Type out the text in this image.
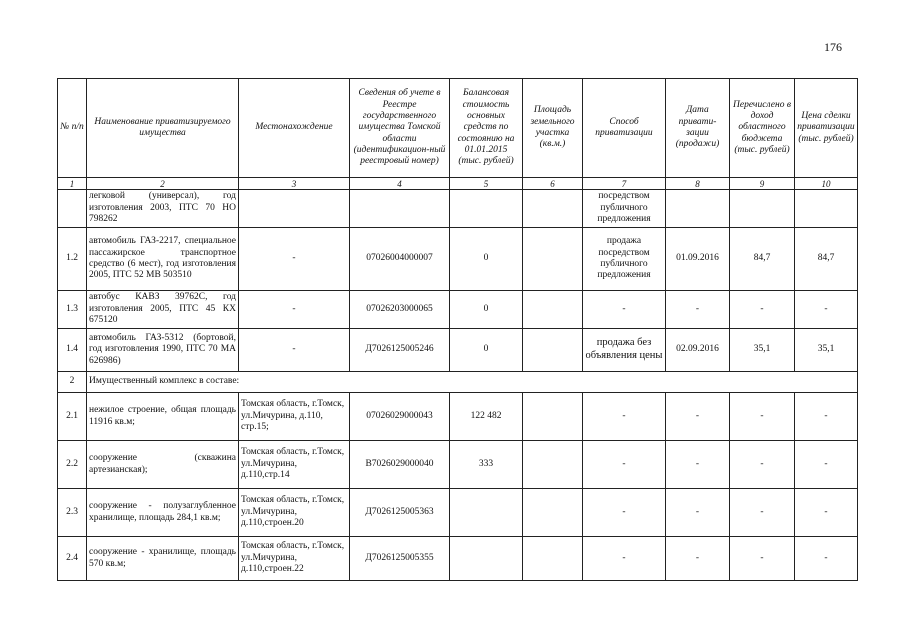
176
№ п/п	Наименование приватизируемого имущества	Местонахождение	Сведения об учете в Реестре государственного имущества Томской области (идентификацион-ный реестровый номер)	Балансовая стоимость основных средств по состоянию на 01.01.2015 (тыс. рублей)	Площадь земельного участка (кв.м.)	Способ приватизации	Дата привати-зации (продажи)	Перечислено в доход областного бюджета (тыс. рублей)	Цена сделки приватизации (тыс. рублей)
1	2	3	4	5	6	7	8	9	10
	легковой (универсал), год изготовления 2003, ПТС 70 НО 798262					посредством публичного предложения			
1.2	автомобиль ГАЗ-2217, специальное пассажирское транспортное средство (6 мест), год изготовления 2005, ПТС 52 МВ 503510	-	07026004000007	0		продажа посредством публичного предложения	01.09.2016	84,7	84,7
1.3	автобус КАВЗ 39762С, год изготовления 2005, ПТС 45 КХ 675120	-	07026203000065	0		-	-	-	-
1.4	автомобиль ГАЗ-5312 (бортовой, год изготовления 1990, ПТС 70 МА 626986)	-	Д7026125005246	0		продажа без объявления цены	02.09.2016	35,1	35,1
2	Имущественный комплекс в составе:								
2.1	нежилое строение, общая площадь 11916 кв.м;	Томская область, г.Томск, ул.Мичурина, д.110, стр.15;	07026029000043	122 482		-	-	-	-
2.2	сооружение (скважина артезианская);	Томская область, г.Томск, ул.Мичурина, д.110,стр.14	В7026029000040	333		-	-	-	-
2.3	сооружение - полузаглубленное хранилище, площадь 284,1 кв.м;	Томская область, г.Томск, ул.Мичурина, д.110,строен.20	Д7026125005363			-	-	-	-
2.4	сооружение - хранилище, площадь 570 кв.м;	Томская область, г.Томск, ул.Мичурина, д.110,строен.22	Д7026125005355			-	-	-	-
